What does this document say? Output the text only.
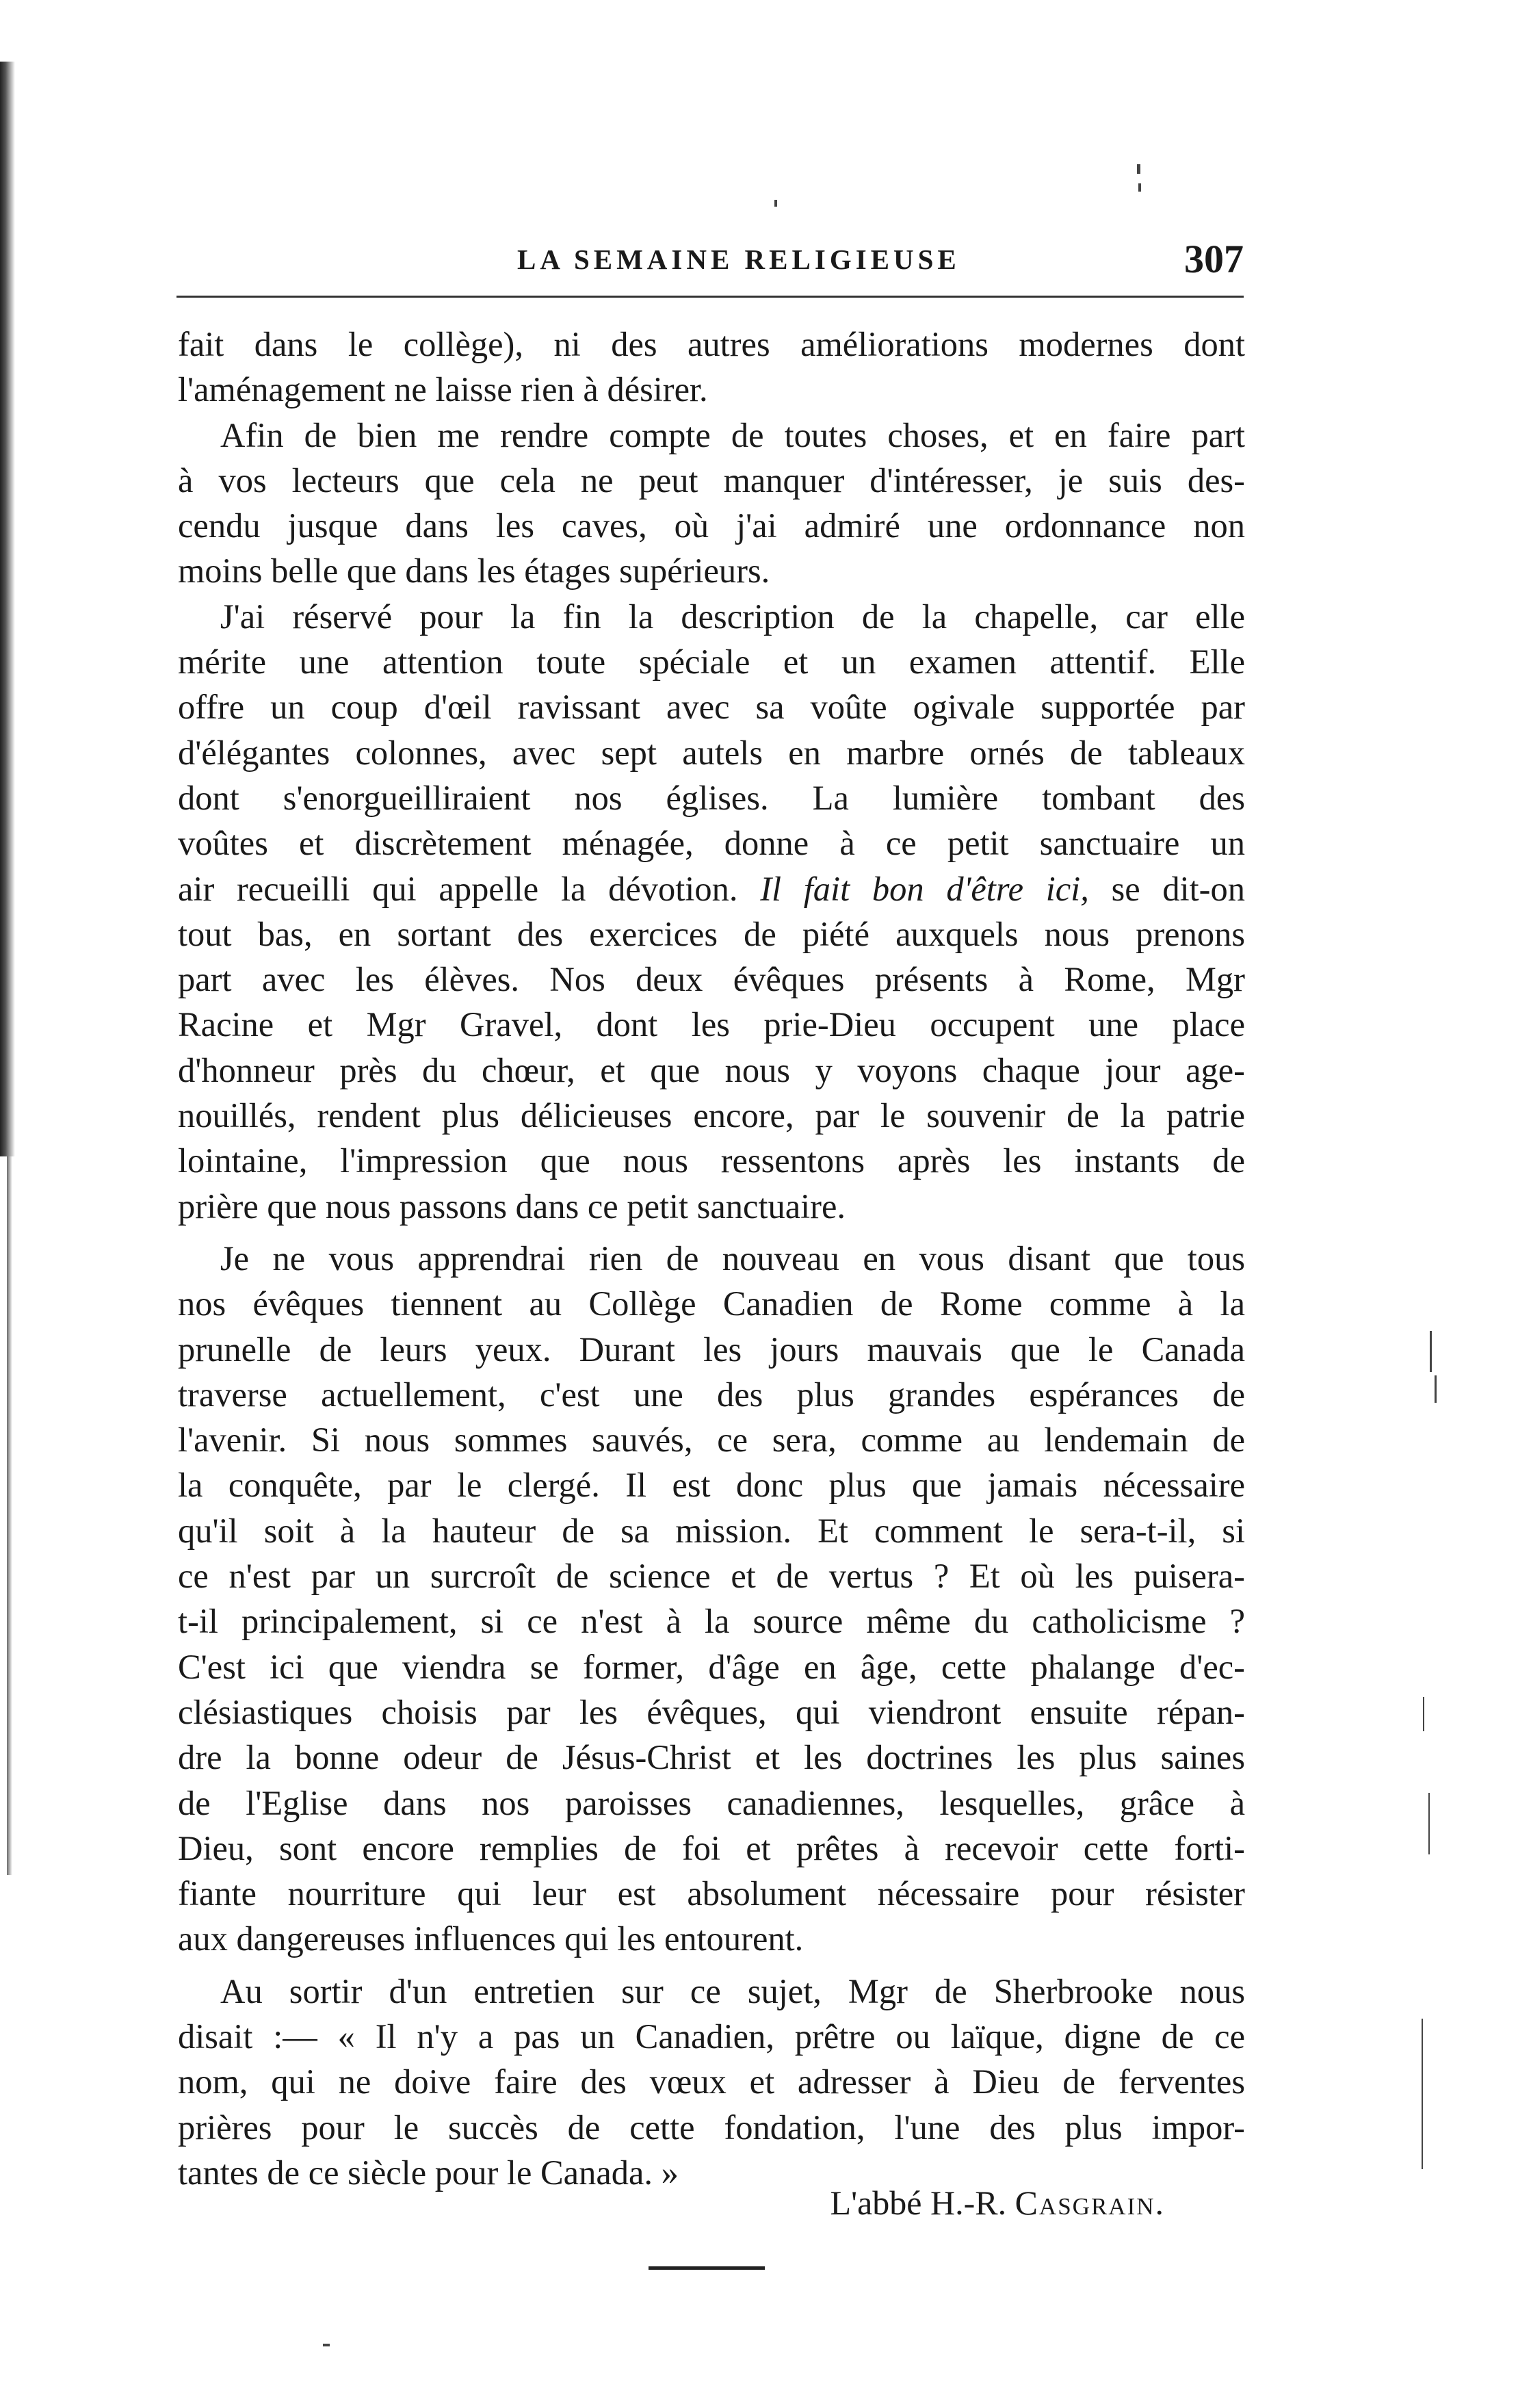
LA SEMAINE RELIGIEUSE	307
fait dans le collège), ni des autres améliorations modernes dont
l'aménagement ne laisse rien à désirer.
Afin de bien me rendre compte de toutes choses, et en faire part
à vos lecteurs que cela ne peut manquer d'intéresser, je suis des-
cendu jusque dans les caves, où j'ai admiré une ordonnance non
moins belle que dans les étages supérieurs.
J'ai réservé pour la fin la description de la chapelle, car elle
mérite une attention toute spéciale et un examen attentif. Elle
offre un coup d'œil ravissant avec sa voûte ogivale supportée par
d'élégantes colonnes, avec sept autels en marbre ornés de tableaux
dont s'enorgueilliraient nos églises. La lumière tombant des
voûtes et discrètement ménagée, donne à ce petit sanctuaire un
air recueilli qui appelle la dévotion. Il fait bon d'être ici, se dit-on
tout bas, en sortant des exercices de piété auxquels nous prenons
part avec les élèves. Nos deux évêques présents à Rome, Mgr
Racine et Mgr Gravel, dont les prie-Dieu occupent une place
d'honneur près du chœur, et que nous y voyons chaque jour age-
nouillés, rendent plus délicieuses encore, par le souvenir de la patrie
lointaine, l'impression que nous ressentons après les instants de
prière que nous passons dans ce petit sanctuaire.
Je ne vous apprendrai rien de nouveau en vous disant que tous
nos évêques tiennent au Collège Canadien de Rome comme à la
prunelle de leurs yeux. Durant les jours mauvais que le Canada
traverse actuellement, c'est une des plus grandes espérances de
l'avenir. Si nous sommes sauvés, ce sera, comme au lendemain de
la conquête, par le clergé. Il est donc plus que jamais nécessaire
qu'il soit à la hauteur de sa mission. Et comment le sera-t-il, si
ce n'est par un surcroît de science et de vertus ? Et où les puisera-
t-il principalement, si ce n'est à la source même du catholicisme ?
C'est ici que viendra se former, d'âge en âge, cette phalange d'ec-
clésiastiques choisis par les évêques, qui viendront ensuite répan-
dre la bonne odeur de Jésus-Christ et les doctrines les plus saines
de l'Eglise dans nos paroisses canadiennes, lesquelles, grâce à
Dieu, sont encore remplies de foi et prêtes à recevoir cette forti-
fiante nourriture qui leur est absolument nécessaire pour résister
aux dangereuses influences qui les entourent.
Au sortir d'un entretien sur ce sujet, Mgr de Sherbrooke nous
disait :— « Il n'y a pas un Canadien, prêtre ou laïque, digne de ce
nom, qui ne doive faire des vœux et adresser à Dieu de ferventes
prières pour le succès de cette fondation, l'une des plus impor-
tantes de ce siècle pour le Canada. »
L'abbé H.-R. Casgrain.
